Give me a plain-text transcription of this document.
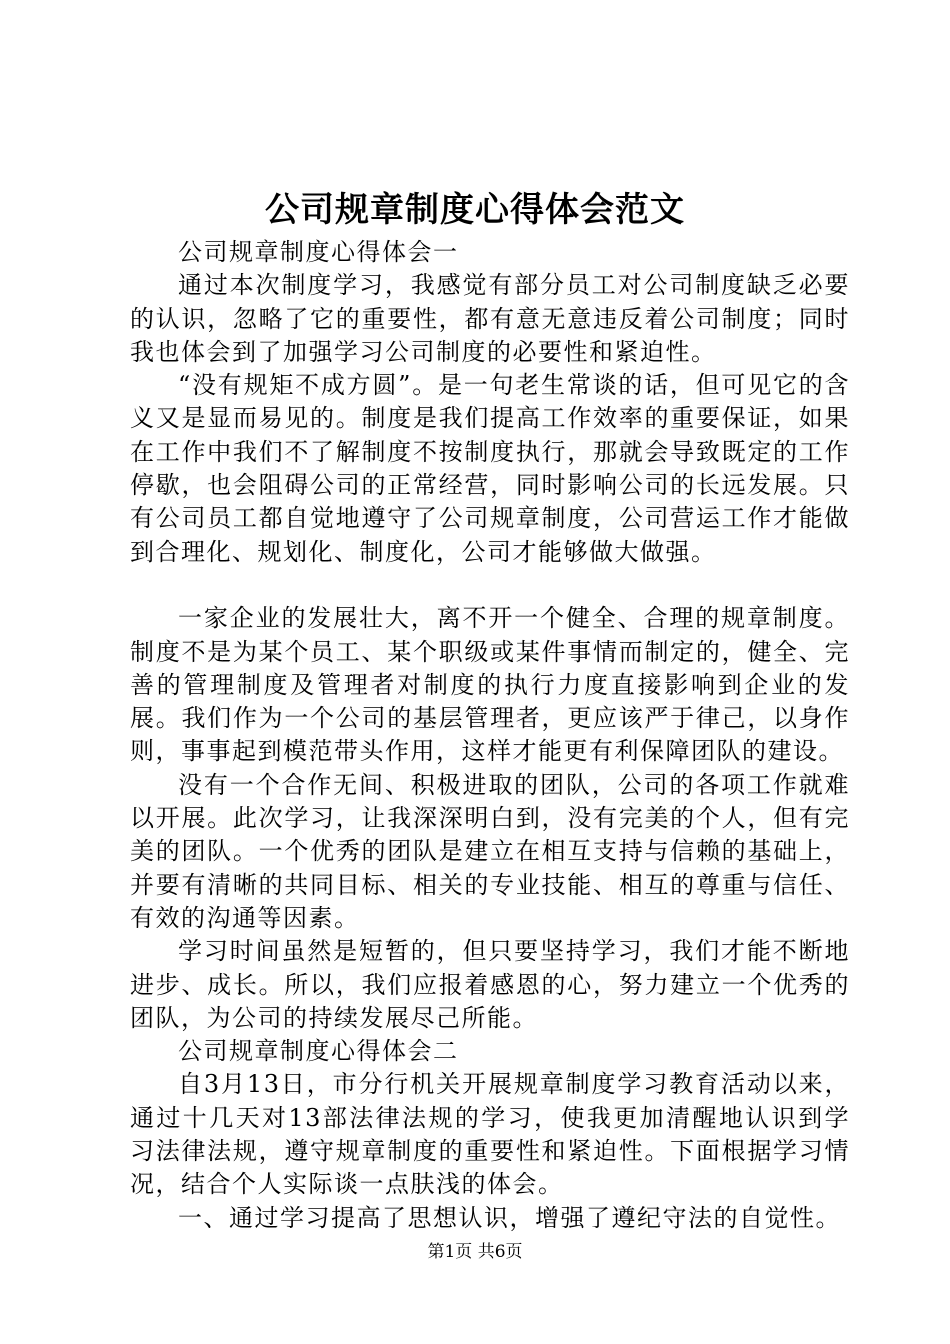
公司规章制度心得体会范文

公司规章制度心得体会一

通过本次制度学习，我感觉有部分员工对公司制度缺乏必要的认识，忽略了它的重要性，都有意无意违反着公司制度；同时我也体会到了加强学习公司制度的必要性和紧迫性。

“没有规矩不成方圆”。是一句老生常谈的话，但可见它的含义又是显而易见的。制度是我们提高工作效率的重要保证，如果在工作中我们不了解制度不按制度执行，那就会导致既定的工作停歇，也会阻碍公司的正常经营，同时影响公司的长远发展。只有公司员工都自觉地遵守了公司规章制度，公司营运工作才能做到合理化、规划化、制度化，公司才能够做大做强。

一家企业的发展壮大，离不开一个健全、合理的规章制度。制度不是为某个员工、某个职级或某件事情而制定的，健全、完善的管理制度及管理者对制度的执行力度直接影响到企业的发展。我们作为一个公司的基层管理者，更应该严于律己，以身作则，事事起到模范带头作用，这样才能更有利保障团队的建设。

没有一个合作无间、积极进取的团队，公司的各项工作就难以开展。此次学习，让我深深明白到，没有完美的个人，但有完美的团队。一个优秀的团队是建立在相互支持与信赖的基础上，并要有清晰的共同目标、相关的专业技能、相互的尊重与信任、有效的沟通等因素。

学习时间虽然是短暂的，但只要坚持学习，我们才能不断地进步、成长。所以，我们应报着感恩的心，努力建立一个优秀的团队，为公司的持续发展尽己所能。

公司规章制度心得体会二

自3月13日，市分行机关开展规章制度学习教育活动以来，通过十几天对13部法律法规的学习，使我更加清醒地认识到学习法律法规，遵守规章制度的重要性和紧迫性。下面根据学习情况，结合个人实际谈一点肤浅的体会。

一、通过学习提高了思想认识，增强了遵纪守法的自觉性。

第1页 共6页
